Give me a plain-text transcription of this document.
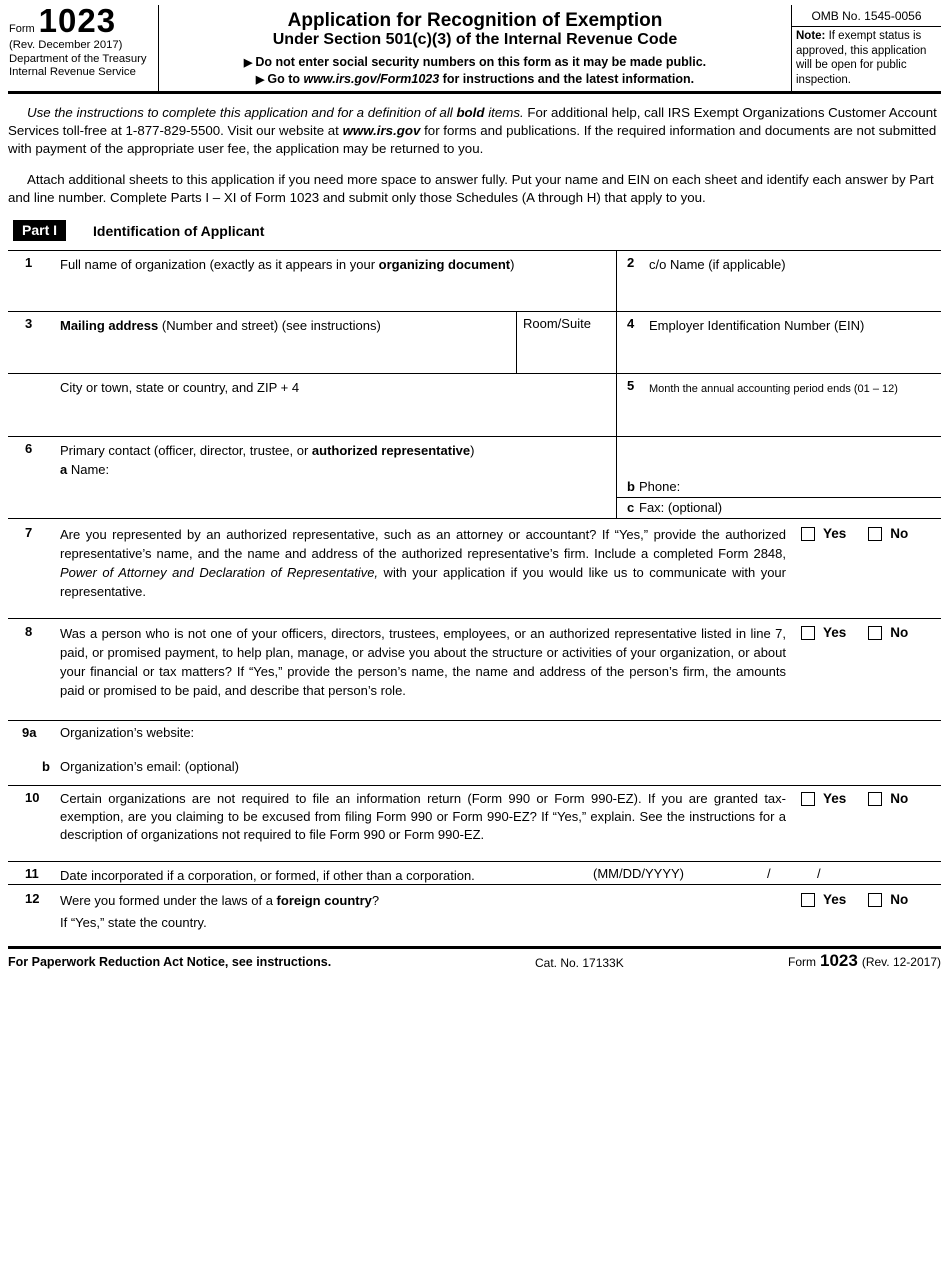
Form 1023
(Rev. December 2017)
Department of the Treasury
Internal Revenue Service
Application for Recognition of Exemption
Under Section 501(c)(3) of the Internal Revenue Code
▶ Do not enter social security numbers on this form as it may be made public.
▶ Go to www.irs.gov/Form1023 for instructions and the latest information.
OMB No. 1545-0056
Note: If exempt status is approved, this application will be open for public inspection.

Use the instructions to complete this application and for a definition of all bold items. For additional help, call IRS Exempt Organizations Customer Account Services toll-free at 1-877-829-5500. Visit our website at www.irs.gov for forms and publications. If the required information and documents are not submitted with payment of the appropriate user fee, the application may be returned to you.

Attach additional sheets to this application if you need more space to answer fully. Put your name and EIN on each sheet and identify each answer by Part and line number. Complete Parts I – XI of Form 1023 and submit only those Schedules (A through H) that apply to you.

Part I	Identification of Applicant
1	Full name of organization (exactly as it appears in your organizing document)	2	c/o Name (if applicable)
3	Mailing address (Number and street) (see instructions)	Room/Suite	4	Employer Identification Number (EIN)
City or town, state or country, and ZIP + 4	5	Month the annual accounting period ends (01 – 12)
6	Primary contact (officer, director, trustee, or authorized representative)
a
Name:
b Phone:
c Fax: (optional)
7	Are you represented by an authorized representative, such as an attorney or accountant? If “Yes,” provide the authorized representative’s name, and the name and address of the authorized representative’s firm. Include a completed Form 2848, Power of Attorney and Declaration of Representative, with your application if you would like us to communicate with your representative.
Yes	No
8	Was a person who is not one of your officers, directors, trustees, employees, or an authorized representative listed in line 7, paid, or promised payment, to help plan, manage, or advise you about the structure or activities of your organization, or about your financial or tax matters? If “Yes,” provide the person’s name, the name and address of the person’s firm, the amounts paid or promised to be paid, and describe that person’s role.
Yes	No
9a	Organization’s website:
b Organization’s email: (optional)
10	Certain organizations are not required to file an information return (Form 990 or Form 990-EZ). If you are granted tax-exemption, are you claiming to be excused from filing Form 990 or Form 990-EZ? If “Yes,” explain. See the instructions for a description of organizations not required to file Form 990 or Form 990-EZ.
Yes	No
11	Date incorporated if a corporation, or formed, if other than a corporation.	(MM/DD/YYYY)	/	/
12	Were you formed under the laws of a foreign country?
If “Yes,” state the country.
Yes	No
For Paperwork Reduction Act Notice, see instructions.	Cat. No. 17133K	Form 1023 (Rev. 12-2017)
